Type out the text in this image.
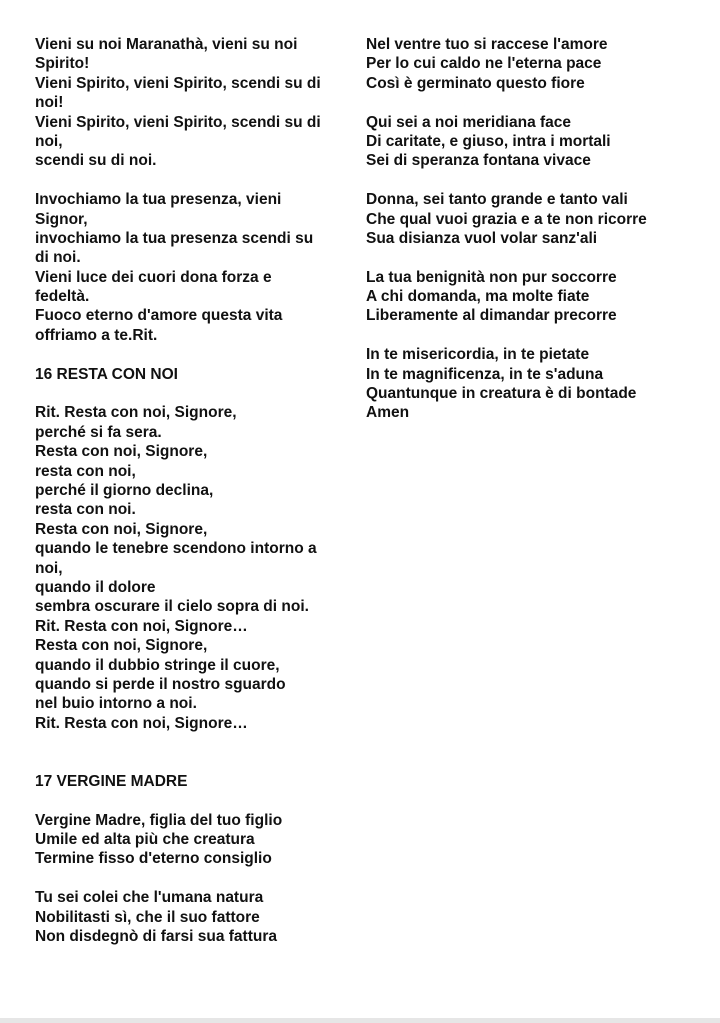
Vieni su noi Maranathà, vieni su noi
Spirito!
Vieni Spirito, vieni Spirito, scendi su di
noi!
Vieni Spirito, vieni Spirito, scendi su di
noi,
scendi su di noi.
Invochiamo la tua presenza, vieni
Signor,
invochiamo la tua presenza scendi su
di noi.
Vieni luce dei cuori dona forza e
fedeltà.
Fuoco eterno d'amore questa vita
offriamo a te.Rit.
16 RESTA CON NOI
Rit. Resta con noi, Signore,
perché si fa sera.
Resta con noi, Signore,
resta con noi,
perché il giorno declina,
resta con noi.
Resta con noi, Signore,
quando le tenebre scendono intorno a
noi,
quando il dolore
sembra oscurare il cielo sopra di noi.
Rit. Resta con noi, Signore…
Resta con noi, Signore,
quando il dubbio stringe il cuore,
quando si perde il nostro sguardo
nel buio intorno a noi.
Rit. Resta con noi, Signore…
17 VERGINE MADRE
Vergine Madre, figlia del tuo figlio
Umile ed alta più che creatura
Termine fisso d'eterno consiglio
Tu sei colei che l'umana natura
Nobilitasti sì, che il suo fattore
Non disdegnò di farsi sua fattura
Nel ventre tuo si raccese l'amore
Per lo cui caldo ne l'eterna pace
Così è germinato questo fiore
Qui sei a noi meridiana face
Di caritate, e giuso, intra i mortali
Sei di speranza fontana vivace
Donna, sei tanto grande e tanto vali
Che qual vuoi grazia e a te non ricorre
Sua disianza vuol volar sanz'ali
La tua benignità non pur soccorre
A chi domanda, ma molte fiate
Liberamente al dimandar precorre
In te misericordia, in te pietate
In te magnificenza, in te s'aduna
Quantunque in creatura è di bontade
Amen
